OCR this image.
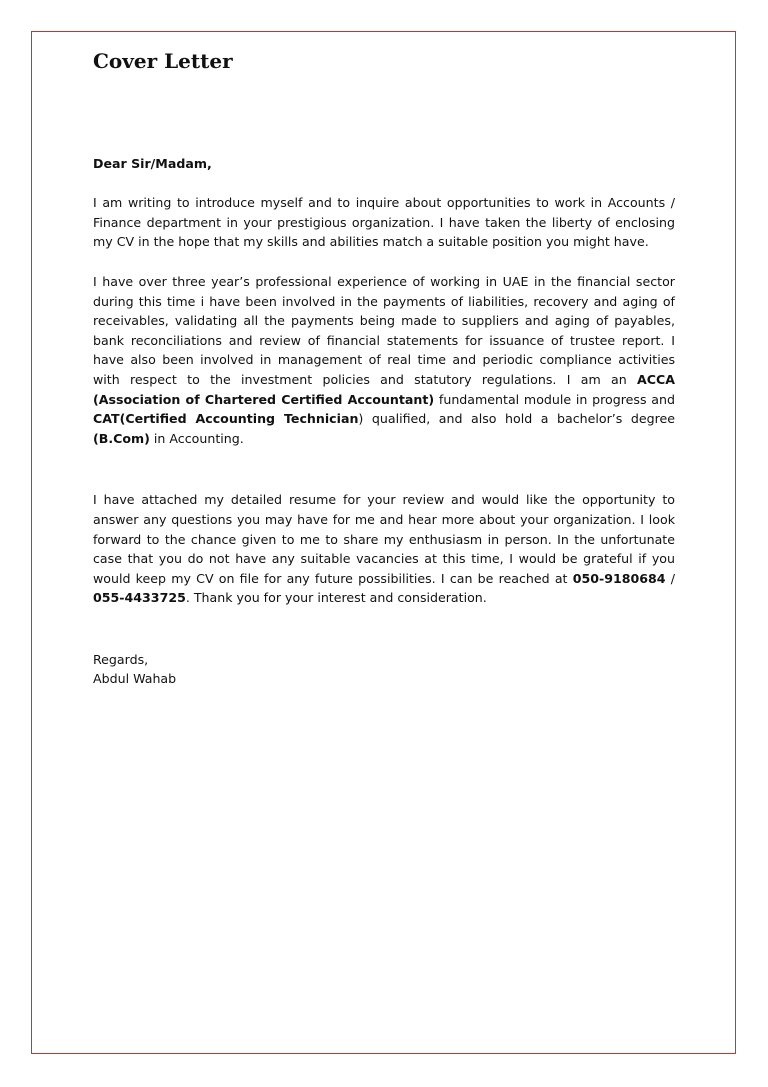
Cover Letter

Dear Sir/Madam,

I am writing to introduce myself and to inquire about opportunities to work in Accounts / Finance department in your prestigious organization. I have taken the liberty of enclosing my CV in the hope that my skills and abilities match a suitable position you might have.

I have over three year’s professional experience of working in UAE in the financial sector during this time i have been involved in the payments of liabilities, recovery and aging of receivables, validating all the payments being made to suppliers and aging of payables, bank reconciliations and review of financial statements for issuance of trustee report. I have also been involved in management of real time and periodic compliance activities with respect to the investment policies and statutory regulations. I am an ACCA (Association of Chartered Certified Accountant) fundamental module in progress and CAT(Certified Accounting Technician) qualified, and also hold a bachelor’s degree (B.Com) in Accounting.

I have attached my detailed resume for your review and would like the opportunity to answer any questions you may have for me and hear more about your organization. I look forward to the chance given to me to share my enthusiasm in person. In the unfortunate case that you do not have any suitable vacancies at this time, I would be grateful if you would keep my CV on file for any future possibilities. I can be reached at 050-9180684 / 055-4433725. Thank you for your interest and consideration.

Regards,

Abdul Wahab
